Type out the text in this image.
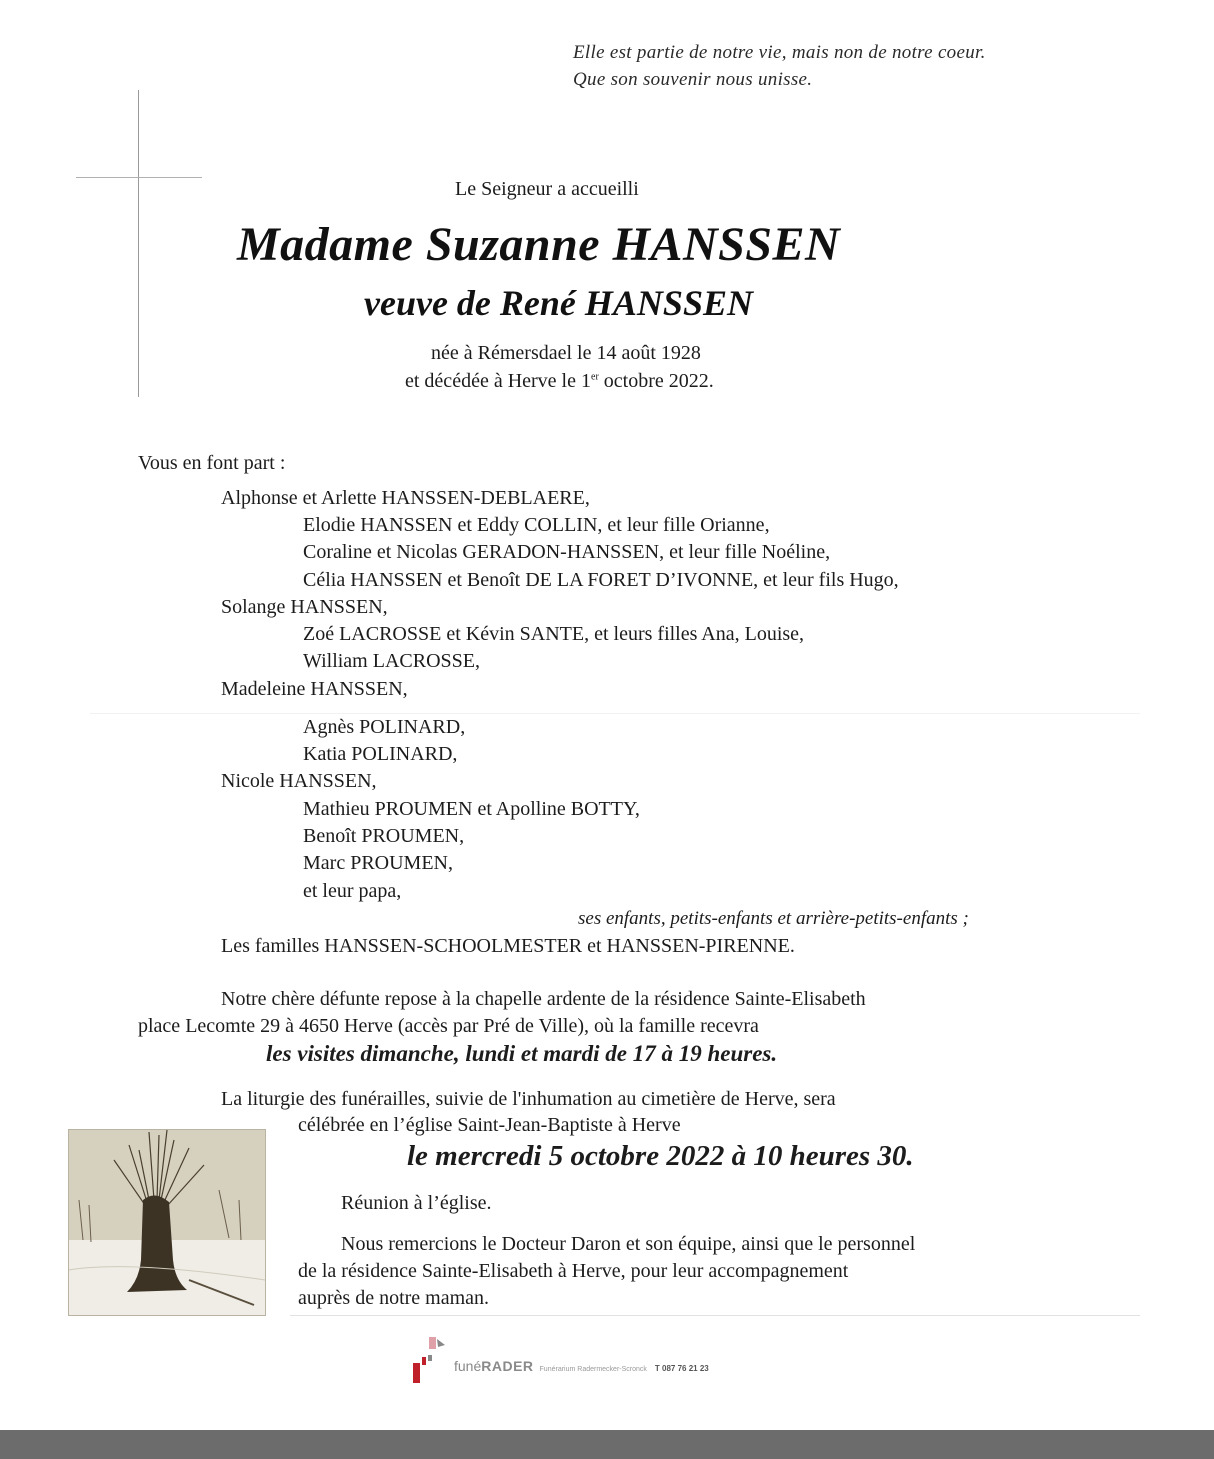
Elle est partie de notre vie, mais non de notre coeur.
Que son souvenir nous unisse.
Le Seigneur a accueilli
Madame Suzanne HANSSEN
veuve de René HANSSEN
née à Rémersdael le 14 août 1928
et décédée à Herve le 1er octobre 2022.
Vous en font part :
Alphonse et Arlette HANSSEN-DEBLAERE,
Elodie HANSSEN et Eddy COLLIN, et leur fille Orianne,
Coraline et Nicolas GERADON-HANSSEN, et leur fille Noéline,
Célia HANSSEN et Benoît DE LA FORET D’IVONNE, et leur fils Hugo,
Solange HANSSEN,
Zoé LACROSSE et Kévin SANTE, et leurs filles Ana, Louise,
William LACROSSE,
Madeleine HANSSEN,
Agnès POLINARD,
Katia POLINARD,
Nicole HANSSEN,
Mathieu PROUMEN et Apolline BOTTY,
Benoît PROUMEN,
Marc PROUMEN,
et leur papa,
ses enfants, petits-enfants et arrière-petits-enfants ;
Les familles HANSSEN-SCHOOLMESTER et HANSSEN-PIRENNE.
Notre chère défunte repose à la chapelle ardente de la résidence Sainte-Elisabeth
place Lecomte 29 à 4650 Herve (accès par Pré de Ville), où la famille recevra
les visites dimanche, lundi et mardi de 17 à 19 heures.
La liturgie des funérailles, suivie de l'inhumation au cimetière de Herve, sera
célébrée en l’église Saint-Jean-Baptiste à Herve
le mercredi 5 octobre 2022 à 10 heures 30.
Réunion à l’église.
Nous remercions le Docteur Daron et son équipe, ainsi que le personnel
de la résidence Sainte-Elisabeth à Herve, pour leur accompagnement
auprès de notre maman.
funéRADER Funérarium Radermecker-Scronck T 087 76 21 23
